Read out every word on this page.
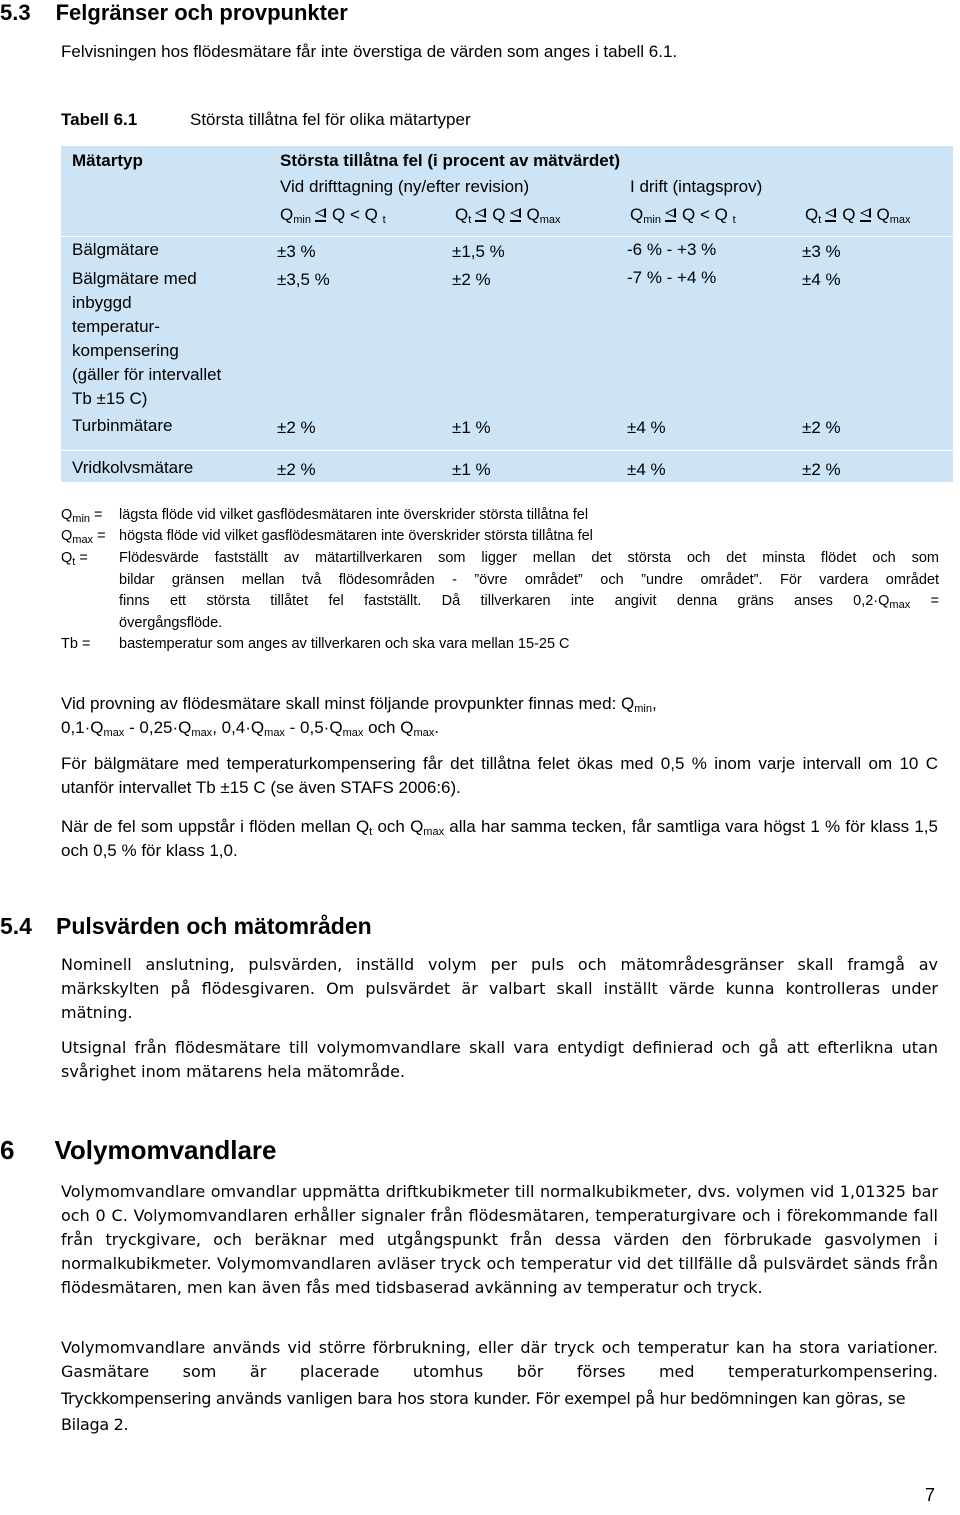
5.3 Felgränser och provpunkter
Felvisningen hos flödesmätare får inte överstiga de värden som anges i tabell 6.1.
Tabell 6.1	Största tillåtna fel för olika mätartyper
Mätartyp	Största tillåtna fel (i procent av mätvärdet)
Vid drifttagning (ny/efter revision)	I drift (intagsprov)
$Q_{min}$ Q < Q $_t$	$Q_t$ Q $Q_{max}$	$Q_{min}$ Q < Q $_t$	$Q_t$ Q $Q_{max}$
Bälgmätare	±3 %	±1,5 %	-6 % - +3 %	±3 %
Bälgmätare med
inbyggd
temperatur-
kompensering
(gäller för intervallet
Tb ±15 C)
±3,5 %	±2 %	-7 % - +4 %	±4 %
Turbinmätare	±2 %	±1 %	±4 %	±2 %
Vridkolvsmätare	±2 %	±1 %	±4 %	±2 %
$Q_{min}$ = lägsta flöde vid vilket gasflödesmätaren inte överskrider största tillåtna fel
$Q_{max}$ = högsta flöde vid vilket gasflödesmätaren inte överskrider största tillåtna fel
$Q_t$ = Flödesvärde fastställt av mätartillverkaren som ligger mellan det största och det minsta flödet och som
bildar gränsen mellan två flödesområden - ”övre området” och ”undre området”. För vardera området
finns ett största tillåtet fel fastställt. Då tillverkaren inte angivit denna gräns anses $0,2\cdot Q_{max}$ =
övergångsflöde.
Tb = bastemperatur som anges av tillverkaren och ska vara mellan 15-25 C
Vid provning av flödesmätare skall minst följande provpunkter finnas med: $Q_{min}$,
$0,1\cdot Q_{max} - 0,25\cdot Q_{max}$, $0,4\cdot Q_{max} - 0,5\cdot Q_{max}$ och $Q_{max}$.
För bälgmätare med temperaturkompensering får det tillåtna felet ökas med 0,5 % inom varje intervall om 10 C utanför intervallet Tb ±15 C (se även STAFS 2006:6).
När de fel som uppstår i flöden mellan $Q_t$ och $Q_{max}$ alla har samma tecken, får samtliga vara högst 1 % för klass 1,5 och 0,5 % för klass 1,0.
5.4 Pulsvärden och mätområden
Nominell anslutning, pulsvärden, inställd volym per puls och mätområdesgränser skall framgå av märkskylten på flödesgivaren. Om pulsvärdet är valbart skall inställt värde kunna kontrolleras under mätning.
Utsignal från flödesmätare till volymomvandlare skall vara entydigt definierad och gå att efterlikna utan svårighet inom mätarens hela mätområde.
6 Volymomvandlare
Volymomvandlare omvandlar uppmätta driftkubikmeter till normalkubikmeter, dvs. volymen vid 1,01325 bar och 0 C. Volymomvandlaren erhåller signaler från flödesmätaren, temperaturgivare och i förekommande fall från tryckgivare, och beräknar med utgångspunkt från dessa värden den förbrukade gasvolymen i normalkubikmeter. Volymomvandlaren avläser tryck och temperatur vid det tillfälle då pulsvärdet sänds från flödesmätaren, men kan även fås med tidsbaserad avkänning av temperatur och tryck.
Volymomvandlare används vid större förbrukning, eller där tryck och temperatur kan ha stora variationer. Gasmätare som är placerade utomhus bör förses med temperaturkompensering.
Tryckkompensering används vanligen bara hos stora kunder. För exempel på hur bedömningen kan göras, se Bilaga 2.
7
